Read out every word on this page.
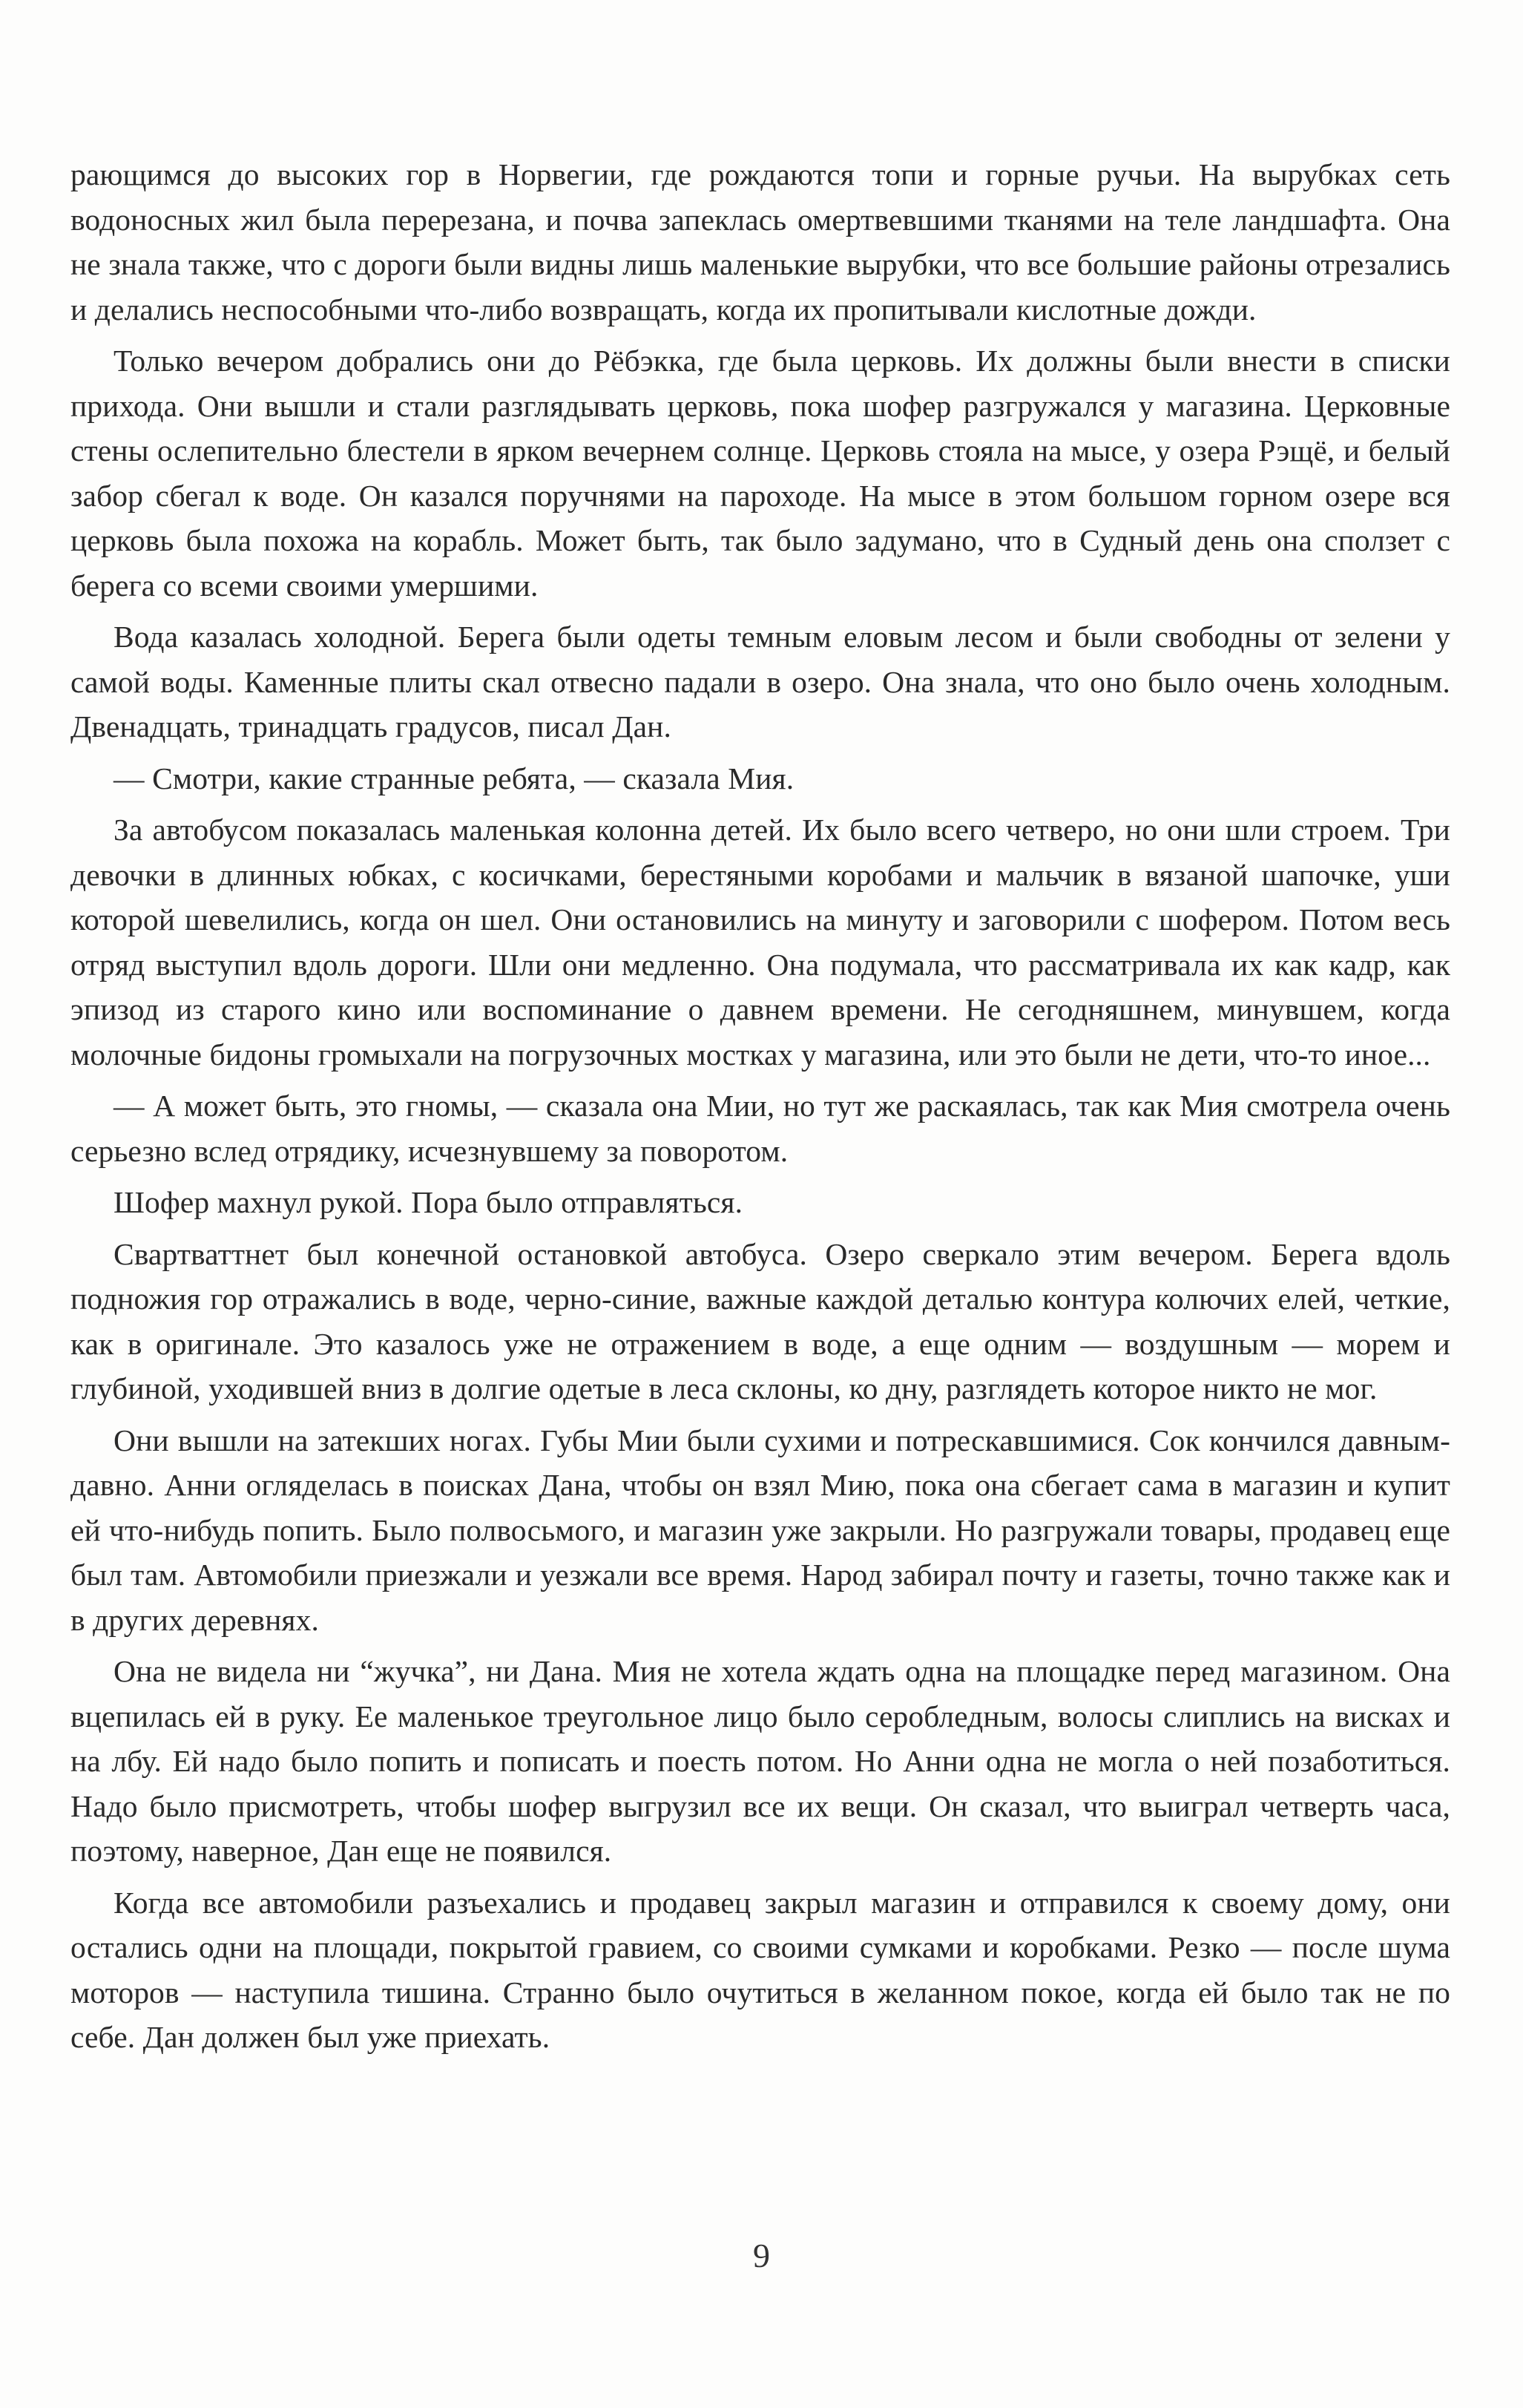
рающимся до высоких гор в Норвегии, где рождаются топи и горные ручьи. На вырубках сеть водоносных жил была перерезана, и почва запеклась омертвевшими тканями на теле ландшафта. Она не знала также, что с дороги были видны лишь маленькие вырубки, что все большие районы отрезались и делались неспособными что-либо возвращать, когда их пропитывали кислотные дожди.

Только вечером добрались они до Рёбэкка, где была церковь. Их должны были внести в списки прихода. Они вышли и стали разглядывать церковь, пока шофер разгружался у магазина. Церковные стены ослепительно блестели в ярком вечернем солнце. Церковь стояла на мысе, у озера Рэщё, и белый забор сбегал к воде. Он казался поручнями на пароходе. На мысе в этом большом горном озере вся церковь была похожа на корабль. Может быть, так было задумано, что в Судный день она сползет с берега со всеми своими умершими.

Вода казалась холодной. Берега были одеты темным еловым лесом и были свободны от зелени у самой воды. Каменные плиты скал отвесно падали в озеро. Она знала, что оно было очень холодным. Двенадцать, тринадцать градусов, писал Дан.

— Смотри, какие странные ребята, — сказала Мия.

За автобусом показалась маленькая колонна детей. Их было всего четверо, но они шли строем. Три девочки в длинных юбках, с косичками, берестяными коробами и мальчик в вязаной шапочке, уши которой шевелились, когда он шел. Они остановились на минуту и заговорили с шофером. Потом весь отряд выступил вдоль дороги. Шли они медленно. Она подумала, что рассматривала их как кадр, как эпизод из старого кино или воспоминание о давнем времени. Не сегодняшнем, минувшем, когда молочные бидоны громыхали на погрузочных мостках у магазина, или это были не дети, что-то иное...

— А может быть, это гномы, — сказала она Мии, но тут же раскаялась, так как Мия смотрела очень серьезно вслед отрядику, исчезнувшему за поворотом.

Шофер махнул рукой. Пора было отправляться.

Свартваттнет был конечной остановкой автобуса. Озеро сверкало этим вечером. Берега вдоль подножия гор отражались в воде, черно-синие, важные каждой деталью контура колючих елей, четкие, как в оригинале. Это казалось уже не отражением в воде, а еще одним — воздушным — морем и глубиной, уходившей вниз в долгие одетые в леса склоны, ко дну, разглядеть которое никто не мог.

Они вышли на затекших ногах. Губы Мии были сухими и потрескавшимися. Сок кончился давным-давно. Анни огляделась в поисках Дана, чтобы он взял Мию, пока она сбегает сама в магазин и купит ей что-нибудь попить. Было полвосьмого, и магазин уже закрыли. Но разгружали товары, продавец еще был там. Автомобили приезжали и уезжали все время. Народ забирал почту и газеты, точно также как и в других деревнях.

Она не видела ни “жучка”, ни Дана. Мия не хотела ждать одна на площадке перед магазином. Она вцепилась ей в руку. Ее маленькое треугольное лицо было серобледным, волосы слиплись на висках и на лбу. Ей надо было попить и пописать и поесть потом. Но Анни одна не могла о ней позаботиться. Надо было присмотреть, чтобы шофер выгрузил все их вещи. Он сказал, что выиграл четверть часа, поэтому, наверное, Дан еще не появился.

Когда все автомобили разъехались и продавец закрыл магазин и отправился к своему дому, они остались одни на площади, покрытой гравием, со своими сумками и коробками. Резко — после шума моторов — наступила тишина. Странно было очутиться в желанном покое, когда ей было так не по себе. Дан должен был уже приехать.

9
